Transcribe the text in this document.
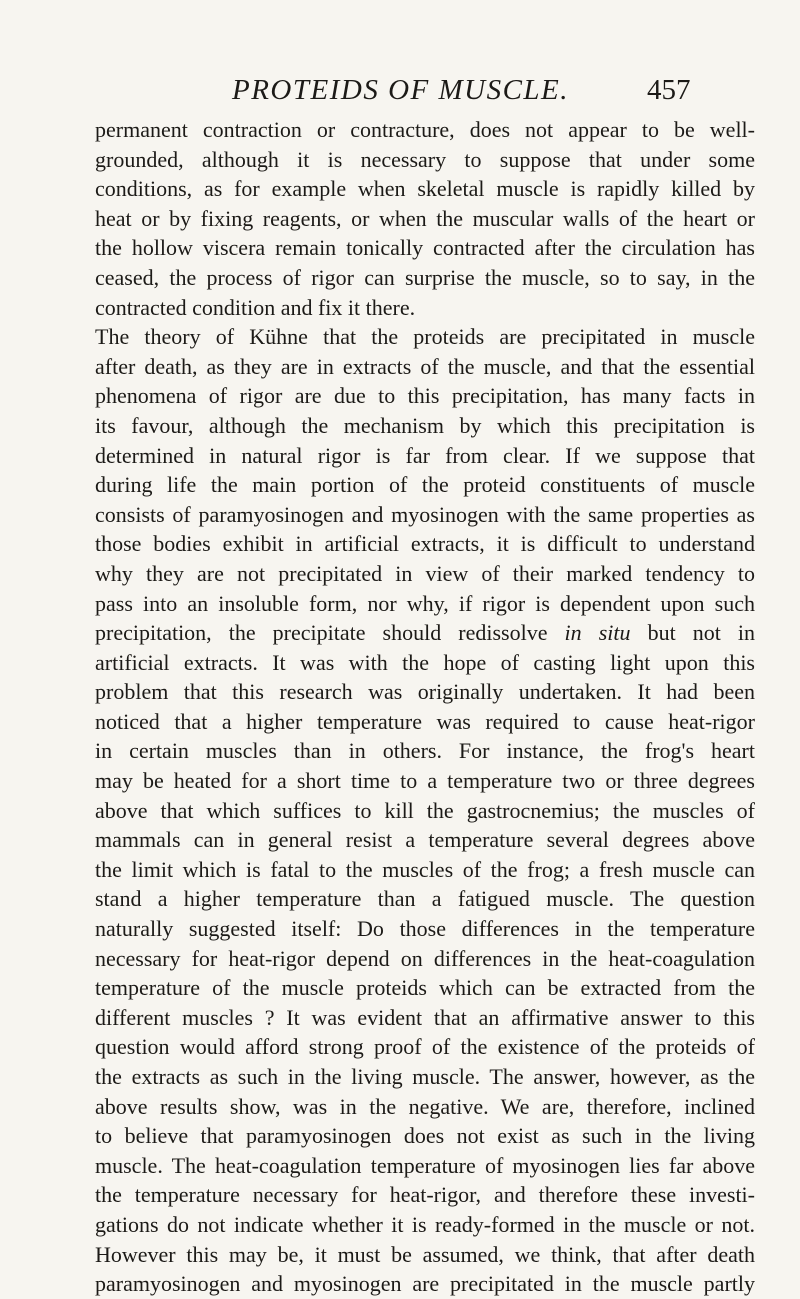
PROTEIDS OF MUSCLE.	457
permanent contraction or contracture, does not appear to be well-
grounded, although it is necessary to suppose that under some
conditions, as for example when skeletal muscle is rapidly killed by
heat or by fixing reagents, or when the muscular walls of the heart or
the hollow viscera remain tonically contracted after the circulation has
ceased, the process of rigor can surprise the muscle, so to say, in the
contracted condition and fix it there.
The theory of Kühne that the proteids are precipitated in muscle
after death, as they are in extracts of the muscle, and that the essential
phenomena of rigor are due to this precipitation, has many facts in
its favour, although the mechanism by which this precipitation is
determined in natural rigor is far from clear. If we suppose that
during life the main portion of the proteid constituents of muscle
consists of paramyosinogen and myosinogen with the same properties as
those bodies exhibit in artificial extracts, it is difficult to understand
why they are not precipitated in view of their marked tendency to
pass into an insoluble form, nor why, if rigor is dependent upon such
precipitation, the precipitate should redissolve in situ but not in
artificial extracts. It was with the hope of casting light upon this
problem that this research was originally undertaken. It had been
noticed that a higher temperature was required to cause heat-rigor
in certain muscles than in others. For instance, the frog's heart
may be heated for a short time to a temperature two or three degrees
above that which suffices to kill the gastrocnemius; the muscles of
mammals can in general resist a temperature several degrees above
the limit which is fatal to the muscles of the frog; a fresh muscle can
stand a higher temperature than a fatigued muscle. The question
naturally suggested itself: Do those differences in the temperature
necessary for heat-rigor depend on differences in the heat-coagulation
temperature of the muscle proteids which can be extracted from the
different muscles ? It was evident that an affirmative answer to this
question would afford strong proof of the existence of the proteids of
the extracts as such in the living muscle. The answer, however, as the
above results show, was in the negative. We are, therefore, inclined
to believe that paramyosinogen does not exist as such in the living
muscle. The heat-coagulation temperature of myosinogen lies far above
the temperature necessary for heat-rigor, and therefore these investi-
gations do not indicate whether it is ready-formed in the muscle or not.
However this may be, it must be assumed, we think, that after death
paramyosinogen and myosinogen are precipitated in the muscle partly
